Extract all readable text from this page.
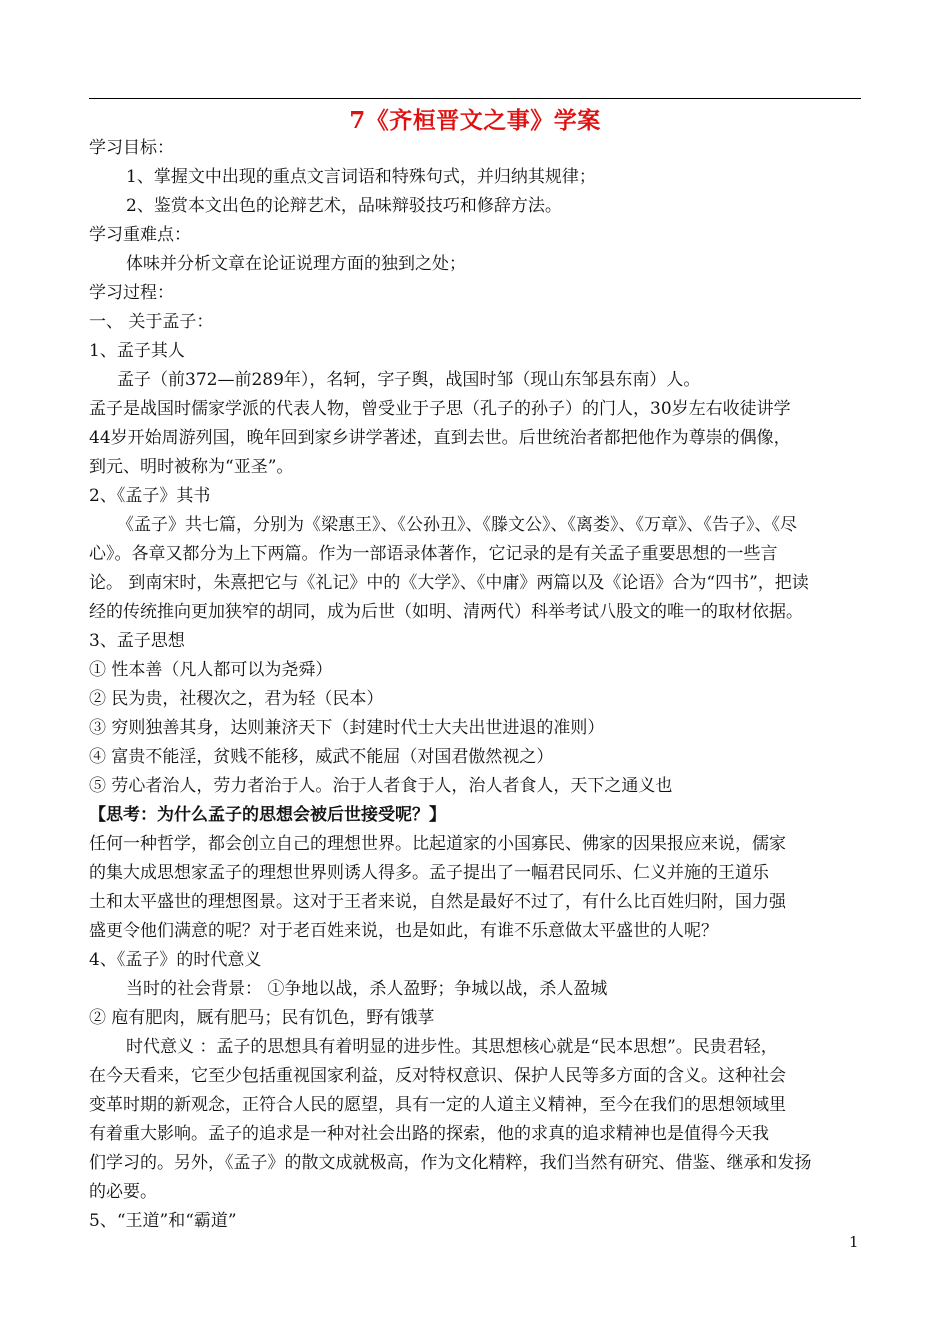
7《齐桓晋文之事》学案
学习目标：
1、掌握文中出现的重点文言词语和特殊句式，并归纳其规律；
2、鉴赏本文出色的论辩艺术，品味辩驳技巧和修辞方法。
学习重难点：
体味并分析文章在论证说理方面的独到之处；
学习过程：
一、 关于孟子：
1、孟子其人
孟子（前372—前289年），名轲，字子舆，战国时邹（现山东邹县东南）人。
孟子是战国时儒家学派的代表人物，曾受业于子思（孔子的孙子）的门人，30岁左右收徒讲学
44岁开始周游列国，晚年回到家乡讲学著述，直到去世。后世统治者都把他作为尊崇的偶像，
到元、明时被称为“亚圣”。
2、《孟子》其书
《孟子》共七篇，分别为《梁惠王》、《公孙丑》、《滕文公》、《离娄》、《万章》、《告子》、《尽
心》。各章又都分为上下两篇。作为一部语录体著作，它记录的是有关孟子重要思想的一些言
论。 到南宋时，朱熹把它与《礼记》中的《大学》、《中庸》两篇以及《论语》合为“四书”，把读
经的传统推向更加狭窄的胡同，成为后世（如明、清两代）科举考试八股文的唯一的取材依据。
3、孟子思想
① 性本善（凡人都可以为尧舜）
② 民为贵，社稷次之，君为轻（民本）
③ 穷则独善其身，达则兼济天下（封建时代士大夫出世进退的准则）
④ 富贵不能淫，贫贱不能移，威武不能屈（对国君傲然视之）
⑤ 劳心者治人，劳力者治于人。治于人者食于人，治人者食人，天下之通义也
【思考：为什么孟子的思想会被后世接受呢？】
任何一种哲学，都会创立自己的理想世界。比起道家的小国寡民、佛家的因果报应来说，儒家
的集大成思想家孟子的理想世界则诱人得多。孟子提出了一幅君民同乐、仁义并施的王道乐
土和太平盛世的理想图景。这对于王者来说，自然是最好不过了，有什么比百姓归附，国力强
盛更令他们满意的呢？对于老百姓来说，也是如此，有谁不乐意做太平盛世的人呢？
4、《孟子》的时代意义
当时的社会背景： ①争地以战，杀人盈野；争城以战，杀人盈城
② 庖有肥肉，厩有肥马；民有饥色，野有饿莩
时代意义 ：孟子的思想具有着明显的进步性。其思想核心就是“民本思想”。民贵君轻，
在今天看来，它至少包括重视国家利益，反对特权意识、保护人民等多方面的含义。这种社会
变革时期的新观念，正符合人民的愿望，具有一定的人道主义精神，至今在我们的思想领域里
有着重大影响。孟子的追求是一种对社会出路的探索，他的求真的追求精神也是值得今天我
们学习的。另外，《孟子》的散文成就极高，作为文化精粹，我们当然有研究、借鉴、继承和发扬
的必要。
5、“王道”和“霸道”
1
